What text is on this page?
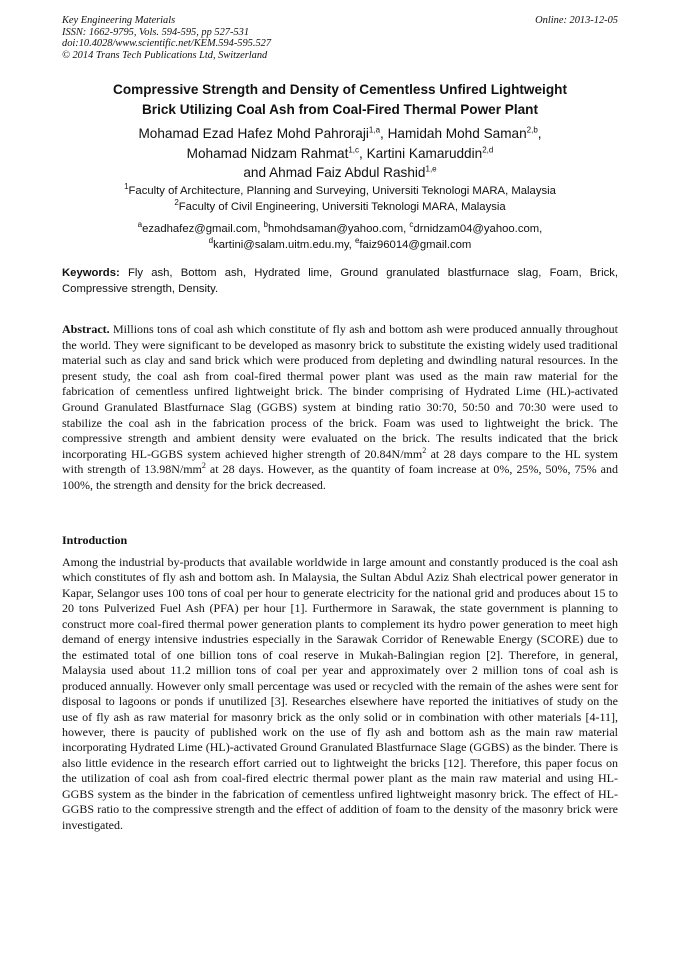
Key Engineering Materials
ISSN: 1662-9795, Vols. 594-595, pp 527-531
doi:10.4028/www.scientific.net/KEM.594-595.527
© 2014 Trans Tech Publications Ltd, Switzerland
Online: 2013-12-05
Compressive Strength and Density of Cementless Unfired Lightweight
Brick Utilizing Coal Ash from Coal-Fired Thermal Power Plant
Mohamad Ezad Hafez Mohd Pahroraji$^{1,a}$, Hamidah Mohd Saman$^{2,b}$,
Mohamad Nidzam Rahmat$^{1,c}$, Kartini Kamaruddin$^{2,d}$
and Ahmad Faiz Abdul Rashid$^{1,e}$
$^1$Faculty of Architecture, Planning and Surveying, Universiti Teknologi MARA, Malaysia
$^2$Faculty of Civil Engineering, Universiti Teknologi MARA, Malaysia
$^a$ezadhafez@gmail.com, $^b$hmohdsaman@yahoo.com, $^c$drnidzam04@yahoo.com,
$^d$kartini@salam.uitm.edu.my, $^e$faiz96014@gmail.com
Keywords: Fly ash, Bottom ash, Hydrated lime, Ground granulated blastfurnace slag, Foam, Brick, Compressive strength, Density.
Abstract. Millions tons of coal ash which constitute of fly ash and bottom ash were produced annually throughout the world. They were significant to be developed as masonry brick to substitute the existing widely used traditional material such as clay and sand brick which were produced from depleting and dwindling natural resources. In the present study, the coal ash from coal-fired thermal power plant was used as the main raw material for the fabrication of cementless unfired lightweight brick. The binder comprising of Hydrated Lime (HL)-activated Ground Granulated Blastfurnace Slag (GGBS) system at binding ratio 30:70, 50:50 and 70:30 were used to stabilize the coal ash in the fabrication process of the brick. Foam was used to lightweight the brick. The compressive strength and ambient density were evaluated on the brick. The results indicated that the brick incorporating HL-GGBS system achieved higher strength of $20.84N/mm^2$ at 28 days compare to the HL system with strength of $13.98N/mm^2$ at 28 days. However, as the quantity of foam increase at 0%, 25%, 50%, 75% and 100%, the strength and density for the brick decreased.
Introduction
Among the industrial by-products that available worldwide in large amount and constantly produced is the coal ash which constitutes of fly ash and bottom ash. In Malaysia, the Sultan Abdul Aziz Shah electrical power generator in Kapar, Selangor uses 100 tons of coal per hour to generate electricity for the national grid and produces about 15 to 20 tons Pulverized Fuel Ash (PFA) per hour [1]. Furthermore in Sarawak, the state government is planning to construct more coal-fired thermal power generation plants to complement its hydro power generation to meet high demand of energy intensive industries especially in the Sarawak Corridor of Renewable Energy (SCORE) due to the estimated total of one billion tons of coal reserve in Mukah-Balingian region [2]. Therefore, in general, Malaysia used about 11.2 million tons of coal per year and approximately over 2 million tons of coal ash is produced annually. However only small percentage was used or recycled with the remain of the ashes were sent for disposal to lagoons or ponds if unutilized [3]. Researches elsewhere have reported the initiatives of study on the use of fly ash as raw material for masonry brick as the only solid or in combination with other materials [4-11], however, there is paucity of published work on the use of fly ash and bottom ash as the main raw material incorporating Hydrated Lime (HL)-activated Ground Granulated Blastfurnace Slage (GGBS) as the binder. There is also little evidence in the research effort carried out to lightweight the bricks [12]. Therefore, this paper focus on the utilization of coal ash from coal-fired electric thermal power plant as the main raw material and using HL-GGBS system as the binder in the fabrication of cementless unfired lightweight masonry brick. The effect of HL-GGBS ratio to the compressive strength and the effect of addition of foam to the density of the masonry brick were investigated.
